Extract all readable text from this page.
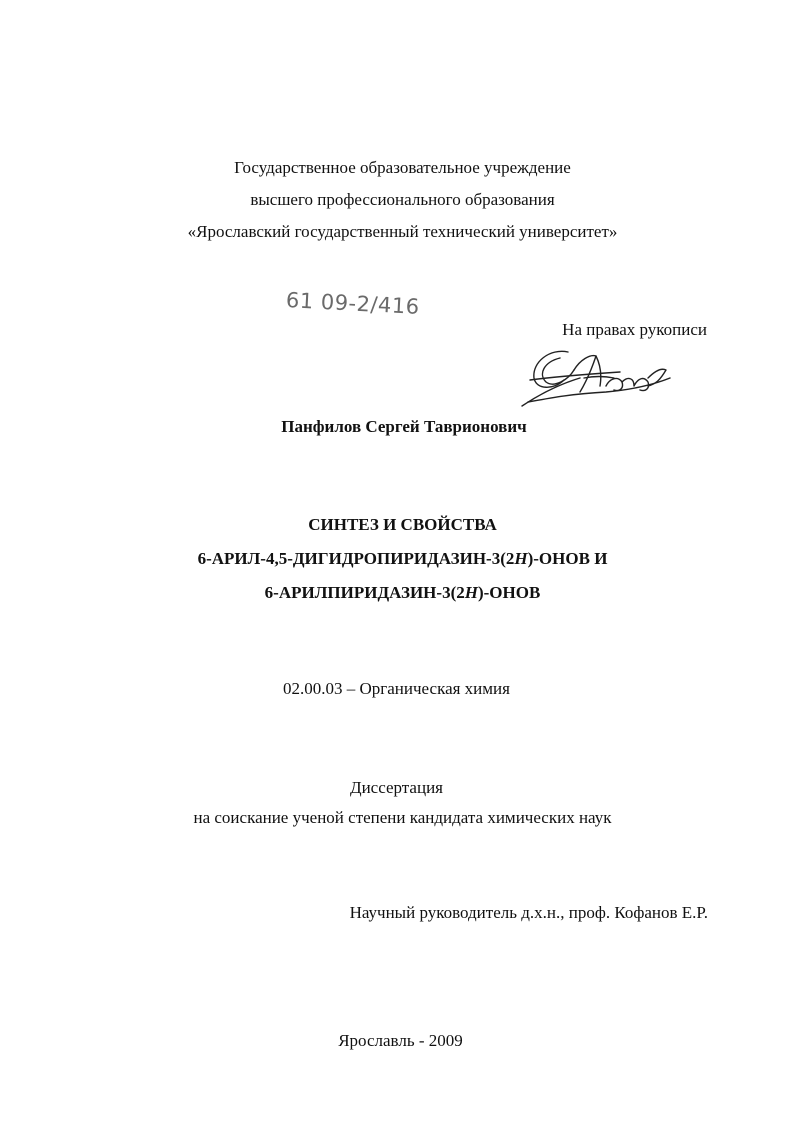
Государственное образовательное учреждение
высшего профессионального образования
«Ярославский государственный технический университет»
61 09-2/416
На правах рукописи
Панфилов Сергей Таврионович
СИНТЕЗ И СВОЙСТВА
6-АРИЛ-4,5-ДИГИДРОПИРИДАЗИН-3(2Н)-ОНОВ И
6-АРИЛПИРИДАЗИН-3(2Н)-ОНОВ
02.00.03 – Органическая химия
Диссертация
на соискание ученой степени кандидата химических наук
Научный руководитель д.х.н., проф. Кофанов Е.Р.
Ярославль - 2009
